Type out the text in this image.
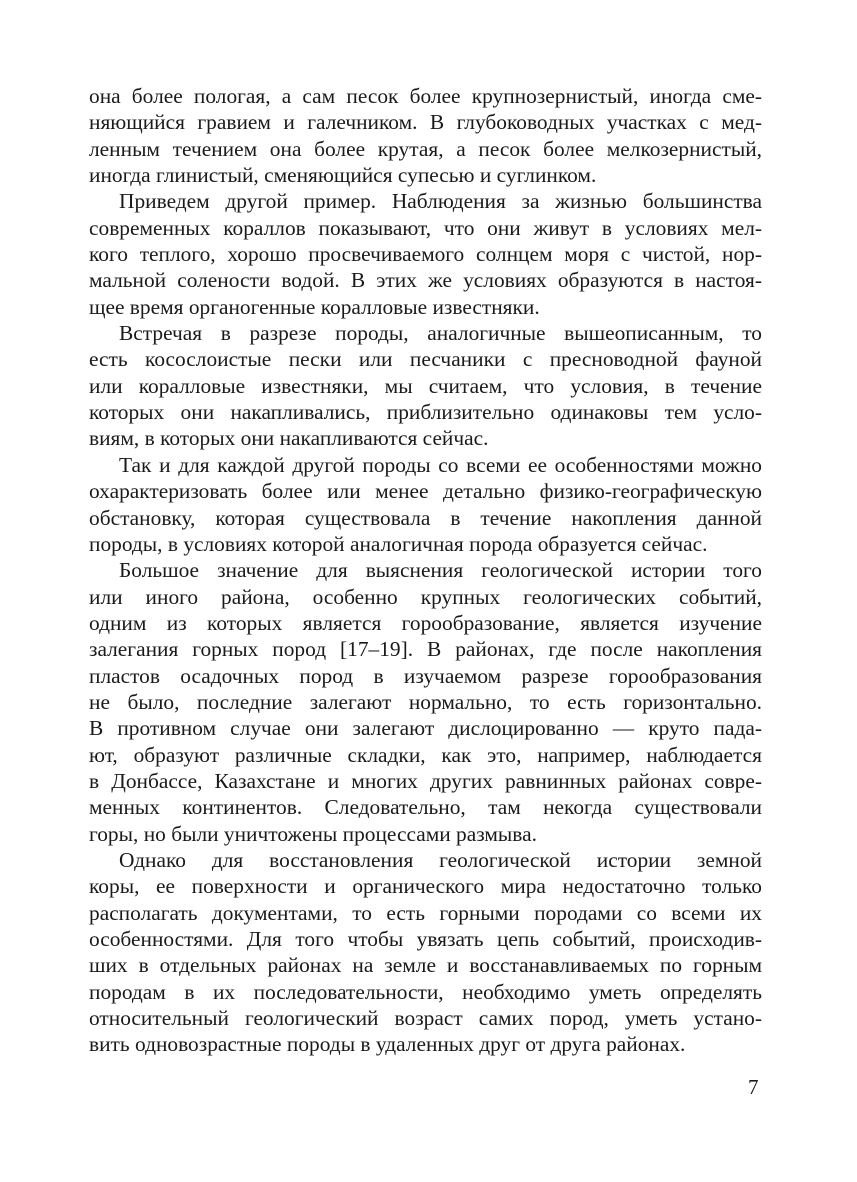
она более пологая, а сам песок более крупнозернистый, иногда сме-
няющийся гравием и галечником. В глубоководных участках с мед-
ленным течением она более крутая, а песок более мелкозернистый,
иногда глинистый, сменяющийся супесью и суглинком.

Приведем другой пример. Наблюдения за жизнью большинства
современных кораллов показывают, что они живут в условиях мел-
кого теплого, хорошо просвечиваемого солнцем моря с чистой, нор-
мальной солености водой. В этих же условиях образуются в настоя-
щее время органогенные коралловые известняки.

Встречая в разрезе породы, аналогичные вышеописанным, то
есть косослоистые пески или песчаники с пресноводной фауной
или коралловые известняки, мы считаем, что условия, в течение
которых они накапливались, приблизительно одинаковы тем усло-
виям, в которых они накапливаются сейчас.

Так и для каждой другой породы со всеми ее особенностями можно
охарактеризовать более или менее детально физико-географическую
обстановку, которая существовала в течение накопления данной
породы, в условиях которой аналогичная порода образуется сейчас.

Большое значение для выяснения геологической истории того
или иного района, особенно крупных геологических событий,
одним из которых является горообразование, является изучение
залегания горных пород [17–19]. В районах, где после накопления
пластов осадочных пород в изучаемом разрезе горообразования
не было, последние залегают нормально, то есть горизонтально.
В противном случае они залегают дислоцированно — круто пада-
ют, образуют различные складки, как это, например, наблюдается
в Донбассе, Казахстане и многих других равнинных районах совре-
менных континентов. Следовательно, там некогда существовали
горы, но были уничтожены процессами размыва.

Однако для восстановления геологической истории земной
коры, ее поверхности и органического мира недостаточно только
располагать документами, то есть горными породами со всеми их
особенностями. Для того чтобы увязать цепь событий, происходив-
ших в отдельных районах на земле и восстанавливаемых по горным
породам в их последовательности, необходимо уметь определять
относительный геологический возраст самих пород, уметь устано-
вить одновозрастные породы в удаленных друг от друга районах.

7
